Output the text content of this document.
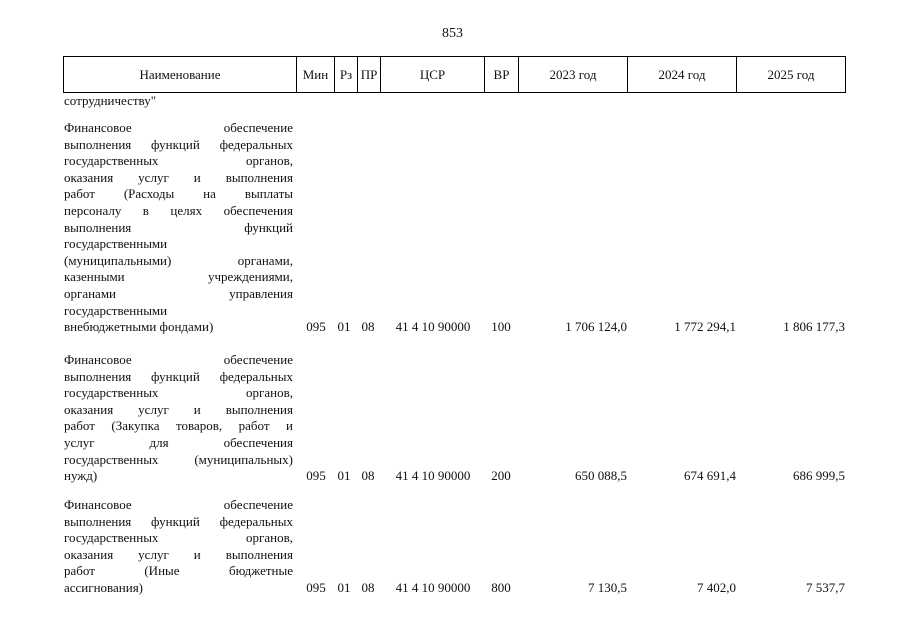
853
Наименование	Мин	Рз	ПР	ЦСР	ВР	2023 год	2024 год	2025 год
сотрудничеству"
Финансовое обеспечение
выполнения функций федеральных
государственных органов,
оказания услуг и выполнения
работ (Расходы на выплаты
персоналу в целях обеспечения
выполнения функций
государственными
(муниципальными) органами,
казенными учреждениями,
органами управления
государственными
внебюджетными фондами)	095 01 08	41 4 10 90000	100	1 706 124,0	1 772 294,1	1 806 177,3
Финансовое обеспечение
выполнения функций федеральных
государственных органов,
оказания услуг и выполнения
работ (Закупка товаров, работ и
услуг для обеспечения
государственных (муниципальных)
нужд)	095 01 08	41 4 10 90000	200	650 088,5	674 691,4	686 999,5
Финансовое обеспечение
выполнения функций федеральных
государственных органов,
оказания услуг и выполнения
работ (Иные бюджетные
ассигнования)	095 01 08	41 4 10 90000	800	7 130,5	7 402,0	7 537,7
